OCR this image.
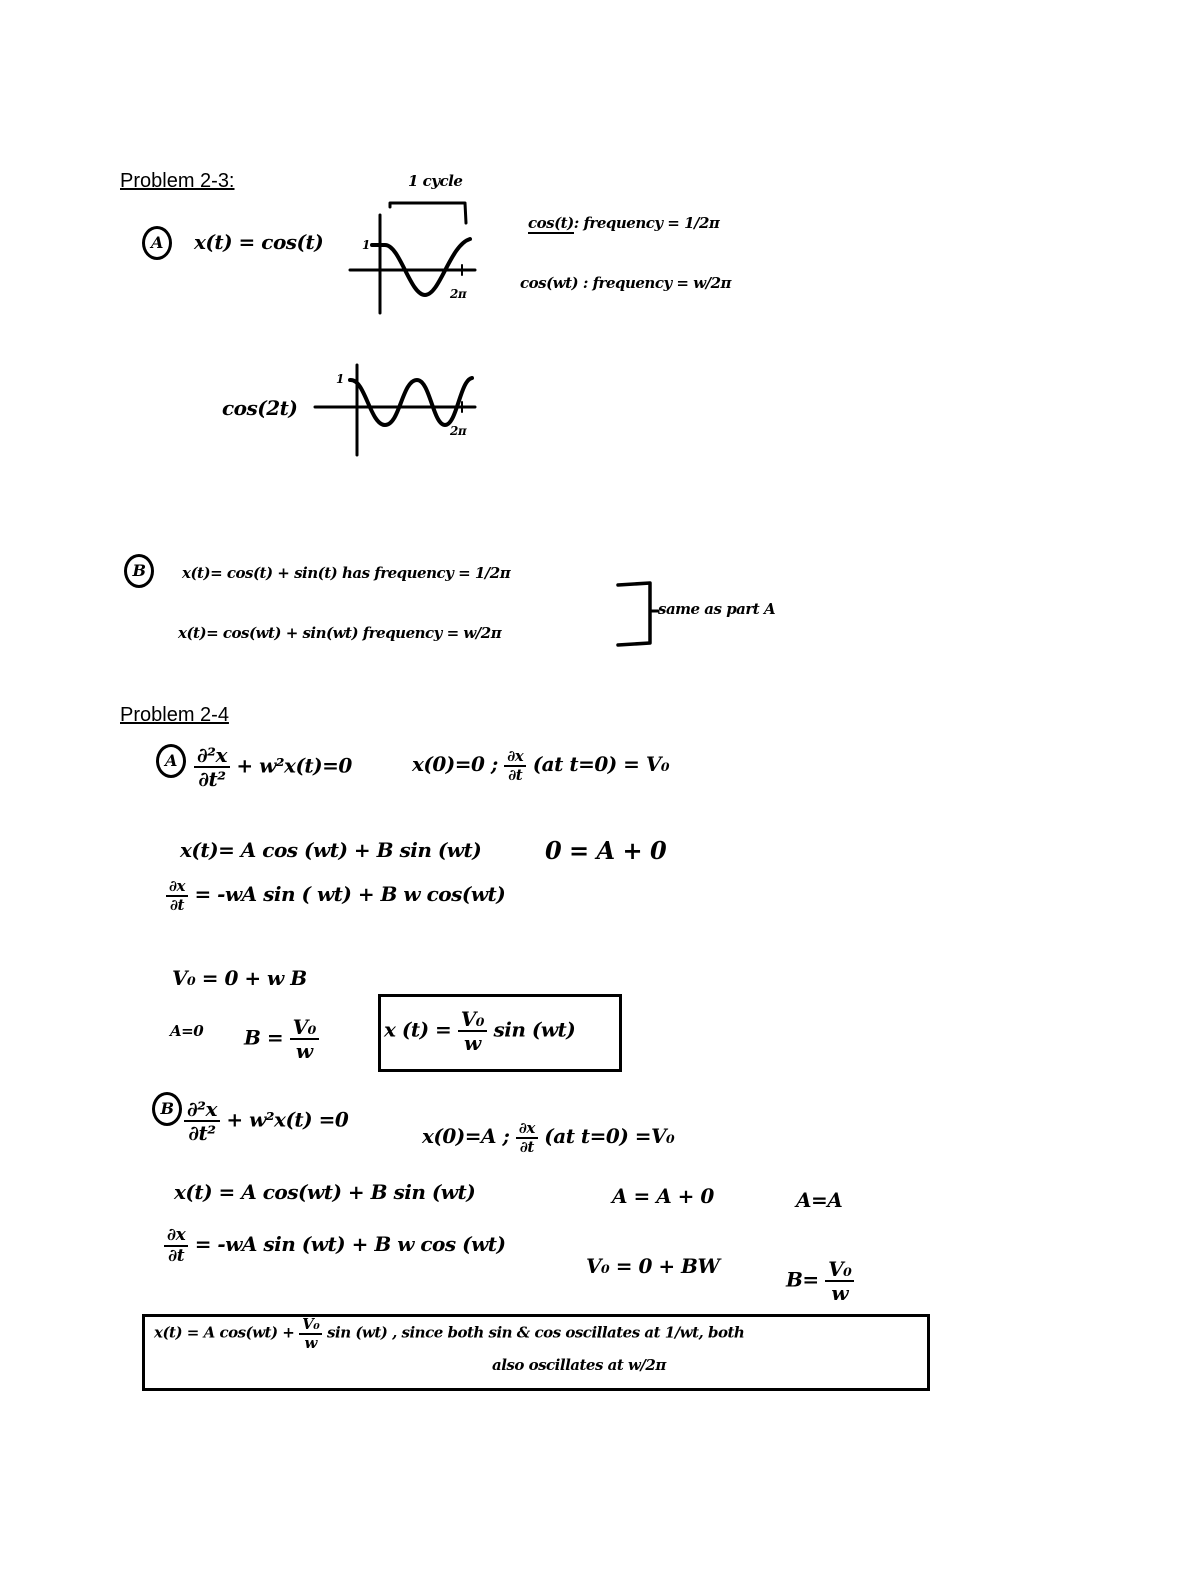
Problem 2-3:	1 cycle
A	x(t) = cos(t)	1
2π
cos(t): frequency = 1/2π
cos(wt) : frequency = w/2π
cos(2t)
1
2π
B	x(t)= cos(t) + sin(t) has frequency = 1/2π
x(t)= cos(wt) + sin(wt) frequency = w/2π
same as part A
Problem 2-4
A $\frac{\text{∂²x}}{\text{∂t²}} + w^2x(t)=0$	x(0)=0 ; $\frac{\partial x}{\partial t} (at$ t=0) = V₀
x(t)= A cos (wt) + B sin (wt)	0 = A + 0
$\frac{\partial x}{\partial t} = -wA$ sin ( wt) + B w cos(wt)
V₀ = 0 + w B
A=0 $B = \frac{\text{V₀}}{w}$	x $(t) = \frac{\text{V₀}}{w}$ sin (wt)
B $\frac{\text{∂²x}}{\text{∂t²}} + w^2x(t) =0$
x(0)=A ; $\frac{\partial x}{\partial t} (at$ t=0) =V₀
x(t) = A cos(wt) + B sin (wt)	A = A + 0	A=A
$\frac{\partial x}{\partial t} = -wA$ sin (wt) + B w cos (wt)
V₀ = 0 + BW
$B= \frac{\text{V₀}}{w}$
x(t) = A $\cos(wt) + \frac{\text{V₀}}{w}$ sin (wt) , since both sin & cos oscillates at 1/wt, both
also oscillates at w/2π
